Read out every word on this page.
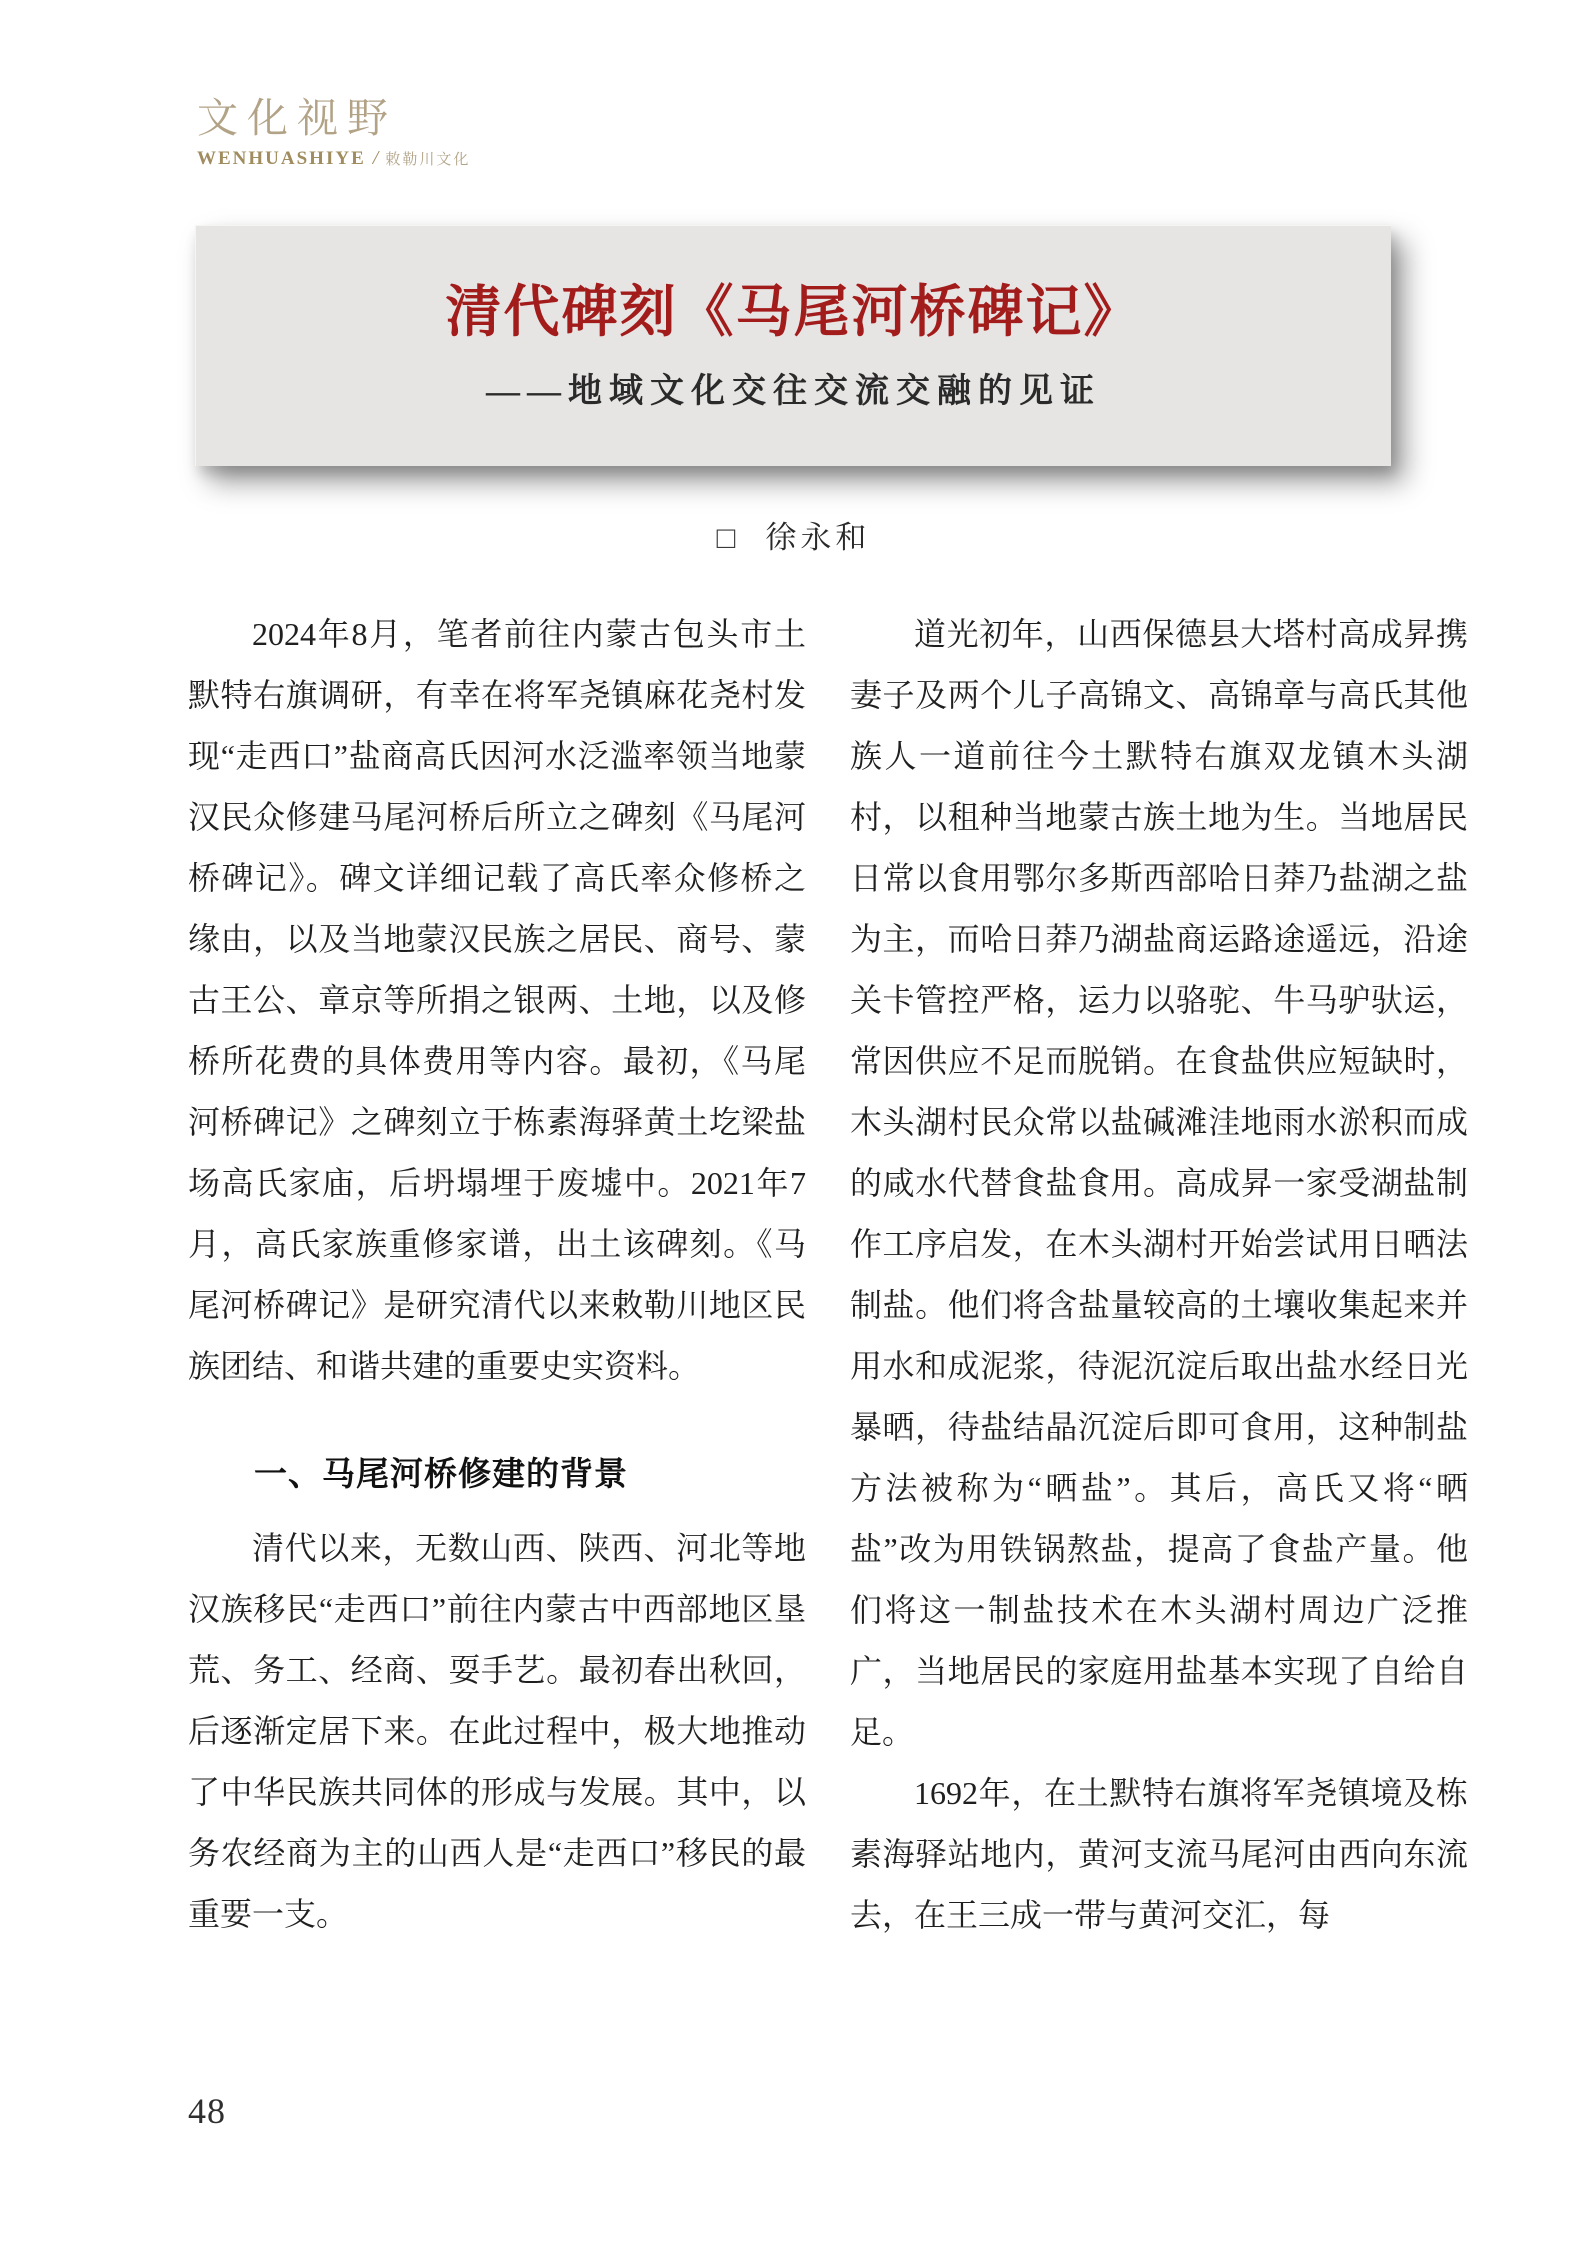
文化视野
WENHUASHIYE / 敕勒川文化
清代碑刻《马尾河桥碑记》
——地域文化交往交流交融的见证
□ 徐永和

2024年8月，笔者前往内蒙古包头市土默特右旗调研，有幸在将军尧镇麻花尧村发现“走西口”盐商高氏因河水泛滥率领当地蒙汉民众修建马尾河桥后所立之碑刻《马尾河桥碑记》。碑文详细记载了高氏率众修桥之缘由，以及当地蒙汉民族之居民、商号、蒙古王公、章京等所捐之银两、土地，以及修桥所花费的具体费用等内容。最初，《马尾河桥碑记》之碑刻立于栋素海驿黄土圪梁盐场高氏家庙，后坍塌埋于废墟中。2021年7月，高氏家族重修家谱，出土该碑刻。《马尾河桥碑记》是研究清代以来敕勒川地区民族团结、和谐共建的重要史实资料。

一、马尾河桥修建的背景

清代以来，无数山西、陕西、河北等地汉族移民“走西口”前往内蒙古中西部地区垦荒、务工、经商、耍手艺。最初春出秋回，后逐渐定居下来。在此过程中，极大地推动了中华民族共同体的形成与发展。其中，以务农经商为主的山西人是“走西口”移民的最重要一支。

道光初年，山西保德县大塔村高成昇携妻子及两个儿子高锦文、高锦章与高氏其他族人一道前往今土默特右旗双龙镇木头湖村，以租种当地蒙古族土地为生。当地居民日常以食用鄂尔多斯西部哈日莽乃盐湖之盐为主，而哈日莽乃湖盐商运路途遥远，沿途关卡管控严格，运力以骆驼、牛马驴驮运，常因供应不足而脱销。在食盐供应短缺时，木头湖村民众常以盐碱滩洼地雨水淤积而成的咸水代替食盐食用。高成昇一家受湖盐制作工序启发，在木头湖村开始尝试用日晒法制盐。他们将含盐量较高的土壤收集起来并用水和成泥浆，待泥沉淀后取出盐水经日光暴晒，待盐结晶沉淀后即可食用，这种制盐方法被称为“晒盐”。其后，高氏又将“晒盐”改为用铁锅熬盐，提高了食盐产量。他们将这一制盐技术在木头湖村周边广泛推广，当地居民的家庭用盐基本实现了自给自足。

1692年，在土默特右旗将军尧镇境及栋素海驿站地内，黄河支流马尾河由西向东流去，在王三成一带与黄河交汇，每

48
